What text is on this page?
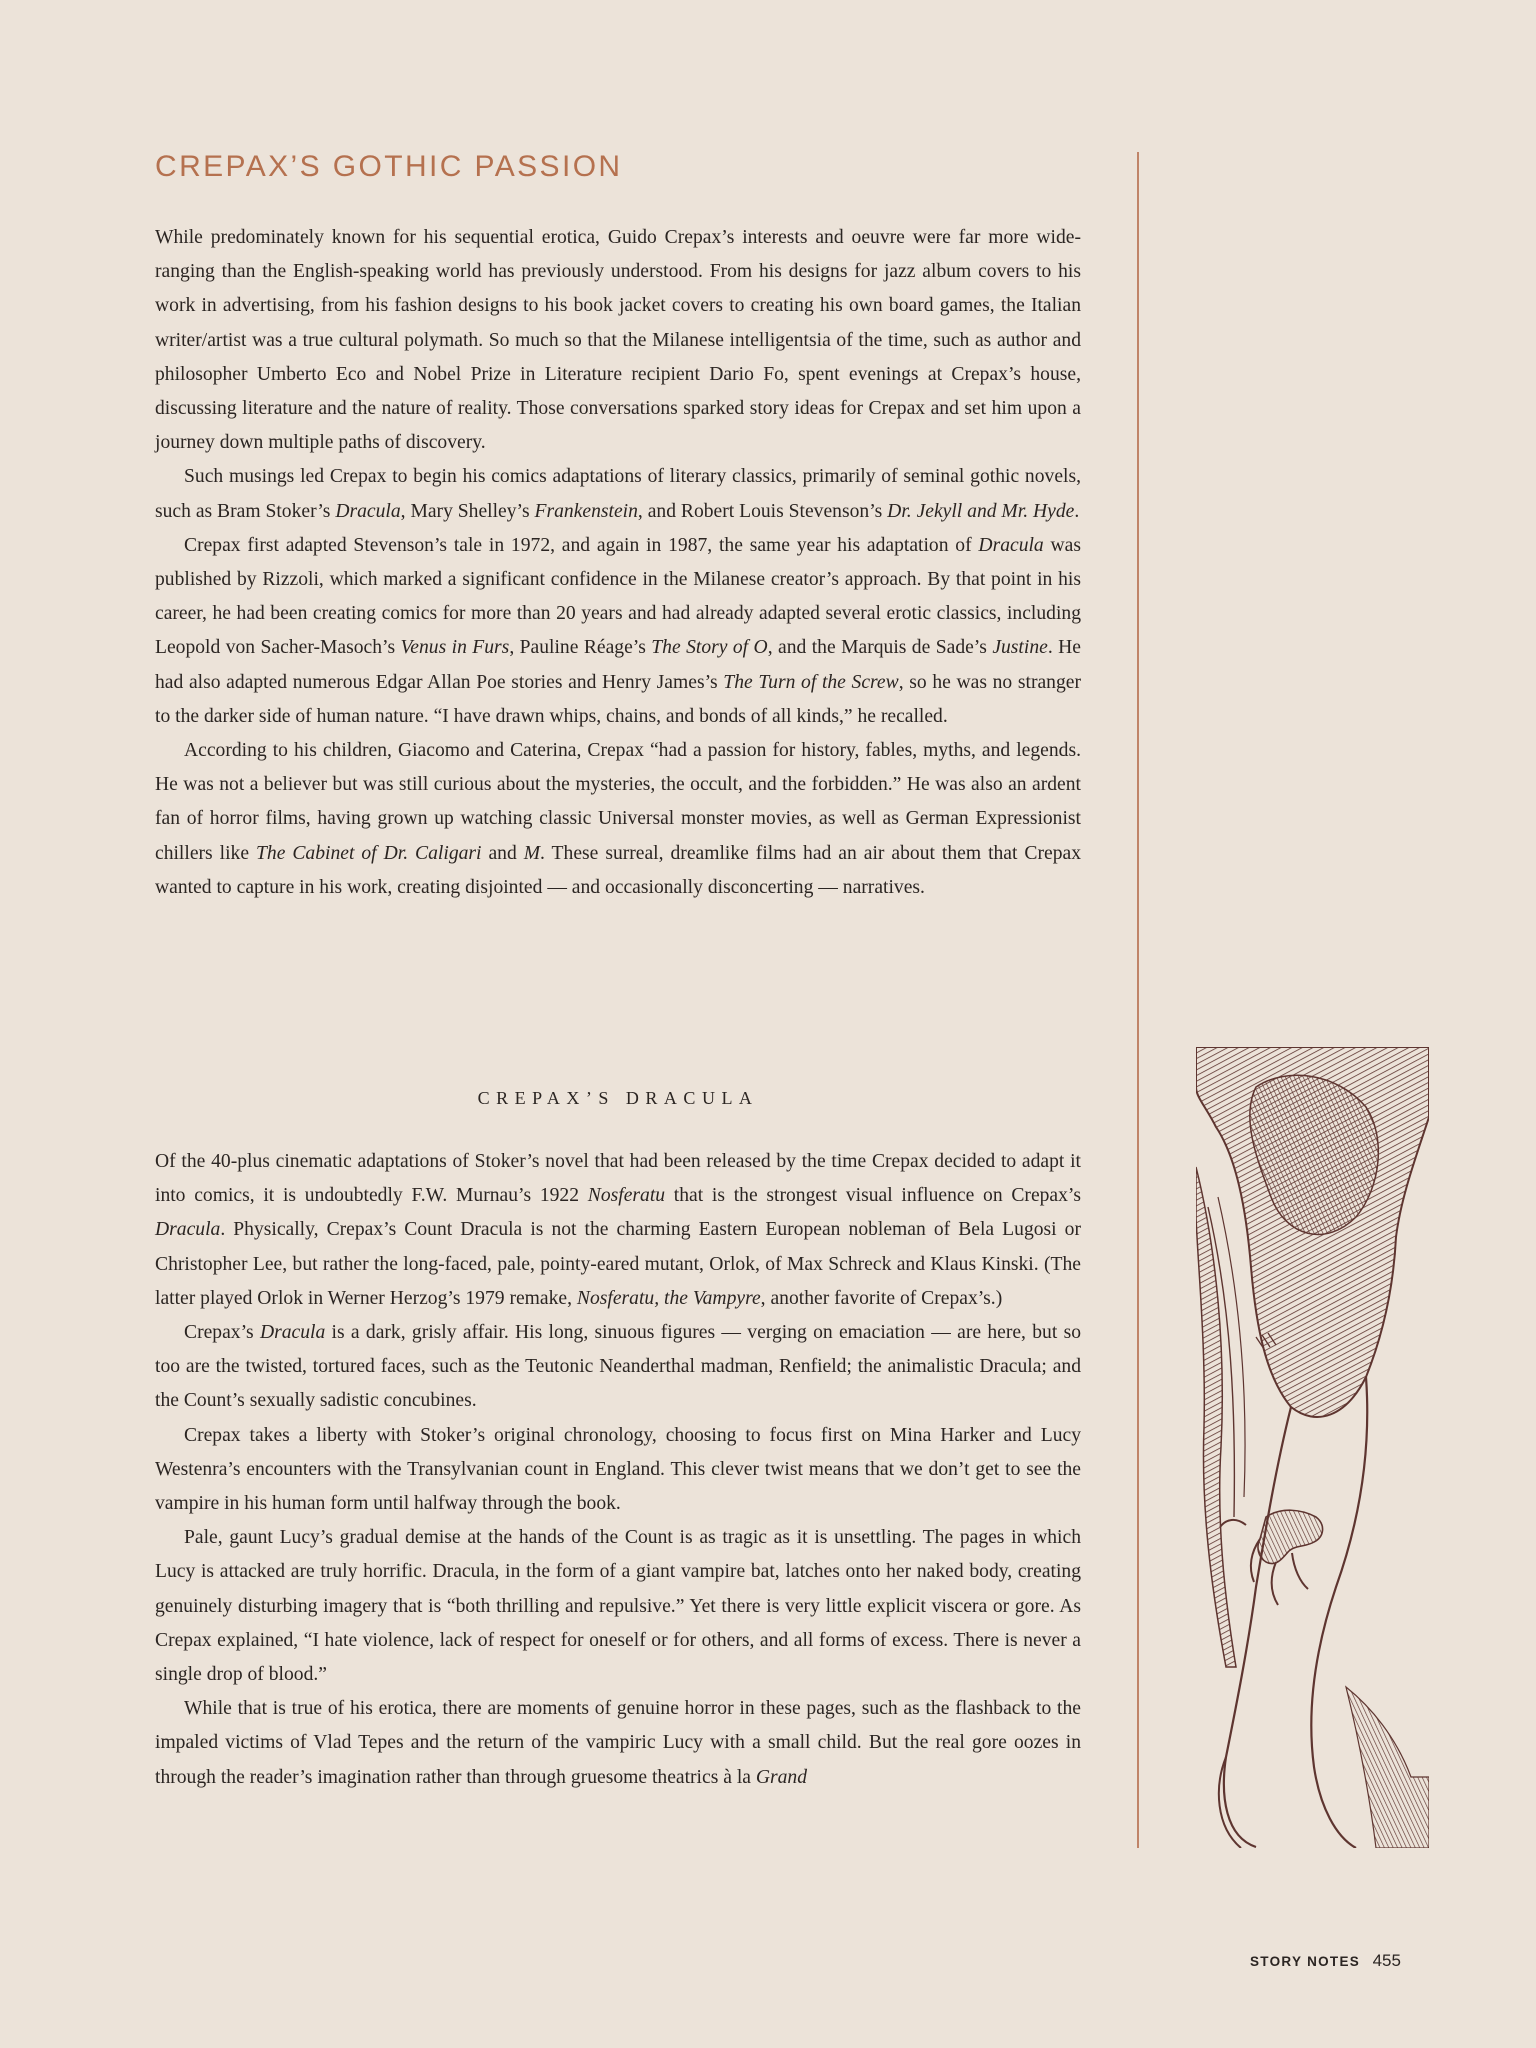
CREPAX’S GOTHIC PASSION

While predominately known for his sequential erotica, Guido Crepax’s interests and oeuvre were far more wide-ranging than the English-speaking world has previously understood. From his designs for jazz album covers to his work in advertising, from his fashion designs to his book jacket covers to creating his own board games, the Italian writer/artist was a true cultural polymath. So much so that the Milanese intelligentsia of the time, such as author and philosopher Umberto Eco and Nobel Prize in Literature recipient Dario Fo, spent evenings at Crepax’s house, discussing literature and the nature of reality. Those conversations sparked story ideas for Crepax and set him upon a journey down multiple paths of discovery.

Such musings led Crepax to begin his comics adaptations of literary classics, primarily of seminal gothic novels, such as Bram Stoker’s Dracula, Mary Shelley’s Frankenstein, and Robert Louis Stevenson’s Dr. Jekyll and Mr. Hyde.

Crepax first adapted Stevenson’s tale in 1972, and again in 1987, the same year his adaptation of Dracula was published by Rizzoli, which marked a significant confidence in the Milanese creator’s approach. By that point in his career, he had been creating comics for more than 20 years and had already adapted several erotic classics, including Leopold von Sacher-Masoch’s Venus in Furs, Pauline Réage’s The Story of O, and the Marquis de Sade’s Justine. He had also adapted numerous Edgar Allan Poe stories and Henry James’s The Turn of the Screw, so he was no stranger to the darker side of human nature. “I have drawn whips, chains, and bonds of all kinds,” he recalled.

According to his children, Giacomo and Caterina, Crepax “had a passion for history, fables, myths, and legends. He was not a believer but was still curious about the mysteries, the occult, and the forbidden.” He was also an ardent fan of horror films, having grown up watching classic Universal monster movies, as well as German Expressionist chillers like The Cabinet of Dr. Caligari and M. These surreal, dreamlike films had an air about them that Crepax wanted to capture in his work, creating disjointed — and occasionally disconcerting — narratives.

CREPAX’S DRACULA

Of the 40-plus cinematic adaptations of Stoker’s novel that had been released by the time Crepax decided to adapt it into comics, it is undoubtedly F.W. Murnau’s 1922 Nosferatu that is the strongest visual influence on Crepax’s Dracula. Physically, Crepax’s Count Dracula is not the charming Eastern European nobleman of Bela Lugosi or Christopher Lee, but rather the long-faced, pale, pointy-eared mutant, Orlok, of Max Schreck and Klaus Kinski. (The latter played Orlok in Werner Herzog’s 1979 remake, Nosferatu, the Vampyre, another favorite of Crepax’s.)

Crepax’s Dracula is a dark, grisly affair. His long, sinuous figures — verging on emaciation — are here, but so too are the twisted, tortured faces, such as the Teutonic Neanderthal madman, Renfield; the animalistic Dracula; and the Count’s sexually sadistic concubines.

Crepax takes a liberty with Stoker’s original chronology, choosing to focus first on Mina Harker and Lucy Westenra’s encounters with the Transylvanian count in England. This clever twist means that we don’t get to see the vampire in his human form until halfway through the book.

Pale, gaunt Lucy’s gradual demise at the hands of the Count is as tragic as it is unsettling. The pages in which Lucy is attacked are truly horrific. Dracula, in the form of a giant vampire bat, latches onto her naked body, creating genuinely disturbing imagery that is “both thrilling and repulsive.” Yet there is very little explicit viscera or gore. As Crepax explained, “I hate violence, lack of respect for oneself or for others, and all forms of excess. There is never a single drop of blood.”

While that is true of his erotica, there are moments of genuine horror in these pages, such as the flashback to the impaled victims of Vlad Tepes and the return of the vampiric Lucy with a small child. But the real gore oozes in through the reader’s imagination rather than through gruesome theatrics à la Grand

STORY NOTES 455
